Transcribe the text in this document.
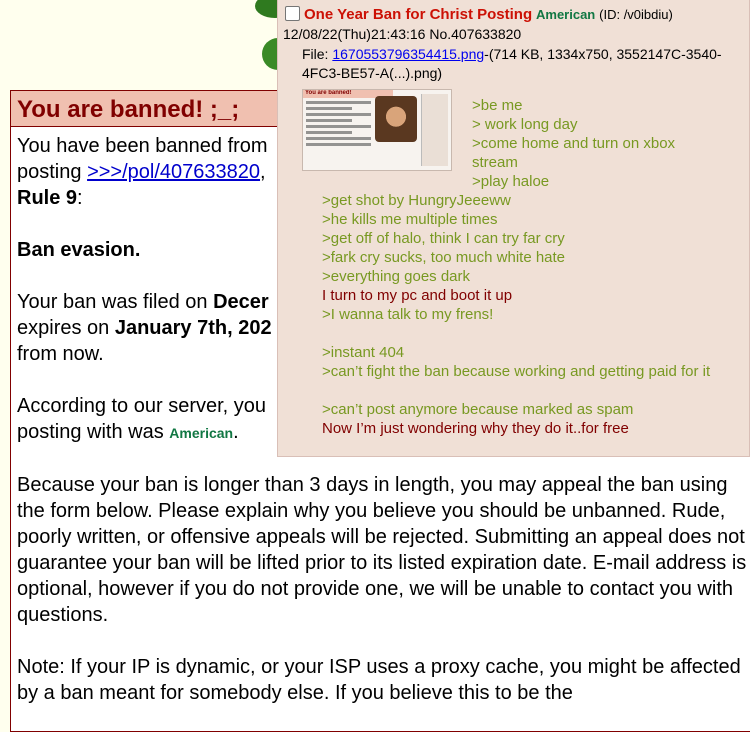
You are banned! ;_;

You have been banned from
posting >>>/pol/407633820,
Rule 9:

Ban evasion.

Your ban was filed on Decer
expires on January 7th, 202
from now.

According to our server, you
posting with was American.

Because your ban is longer than 3 days in length, you may appeal the ban using the form below. Please explain why you believe you should be unbanned. Rude, poorly written, or offensive appeals will be rejected. Submitting an appeal does not guarantee your ban will be lifted prior to its listed expiration date. E-mail address is optional, however if you do not provide one, we will be unable to contact you with questions.

Note: If your IP is dynamic, or your ISP uses a proxy cache, you might be affected by a ban meant for somebody else. If you believe this to be the

One Year Ban for Christ Posting American (ID: /v0ibdiu)
12/08/22(Thu)21:43:16 No.407633820
File: 1670553796354415.png-(714 KB, 1334x750, 3552147C-3540-4FC3-BE57-A(...).png)
You are banned!
>be me
> work long day
>come home and turn on xbox
stream
>play haloe
>get shot by HungryJeeeww
>he kills me multiple times
>get off of halo, think I can try far cry
>fark cry sucks, too much white hate
>everything goes dark
I turn to my pc and boot it up
>I wanna talk to my frens!
>instant 404
>can’t fight the ban because working and getting paid for it
>can’t post anymore because marked as spam
Now I’m just wondering why they do it..for free
